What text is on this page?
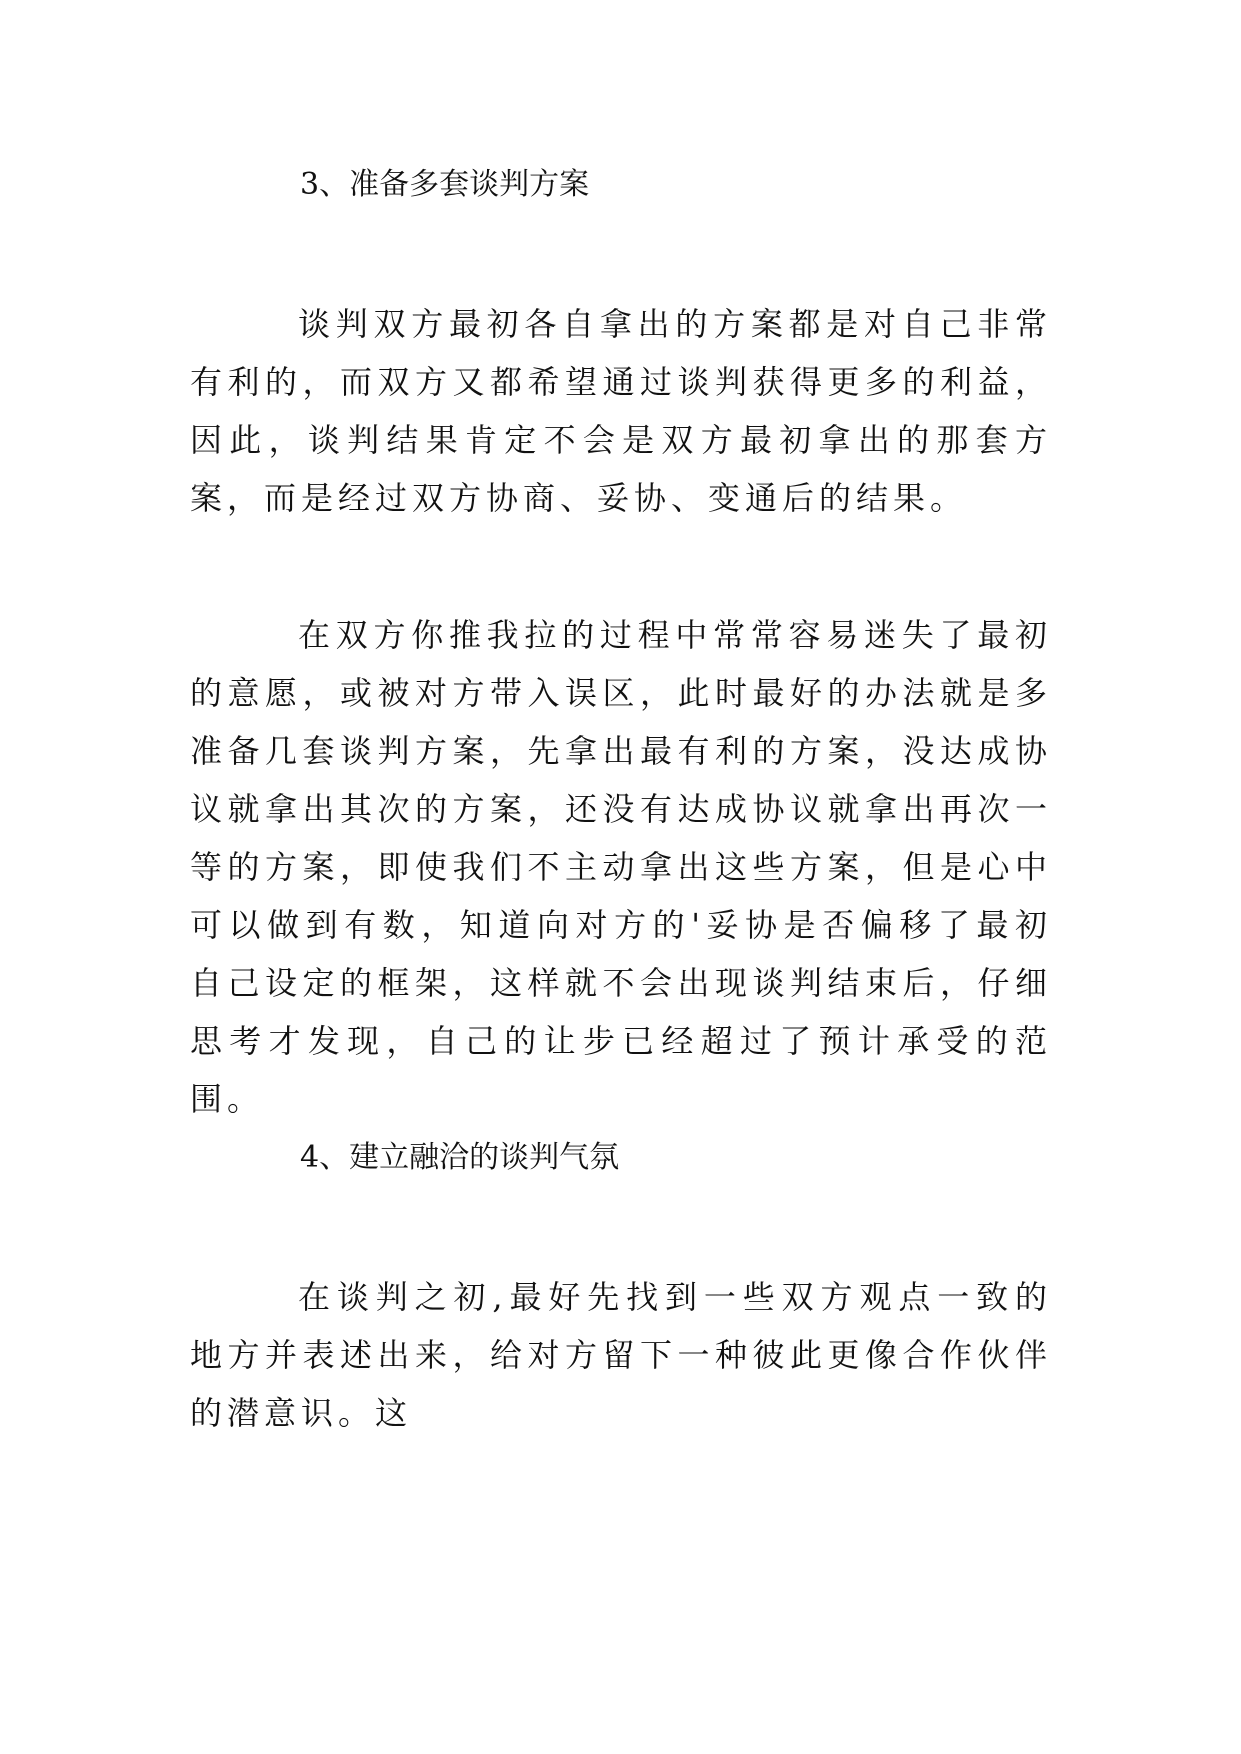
3、准备多套谈判方案

谈判双方最初各自拿出的方案都是对自己非常有利的，而双方又都希望通过谈判获得更多的利益，因此，谈判结果肯定不会是双方最初拿出的那套方案，而是经过双方协商、妥协、变通后的结果。

在双方你推我拉的过程中常常容易迷失了最初的意愿，或被对方带入误区，此时最好的办法就是多准备几套谈判方案，先拿出最有利的方案，没达成协议就拿出其次的方案，还没有达成协议就拿出再次一等的方案，即使我们不主动拿出这些方案，但是心中可以做到有数，知道向对方的'妥协是否偏移了最初自己设定的框架，这样就不会出现谈判结束后，仔细思考才发现，自己的让步已经超过了预计承受的范围。

4、建立融洽的谈判气氛

在谈判之初,最好先找到一些双方观点一致的地方并表述出来，给对方留下一种彼此更像合作伙伴的潜意识。这
